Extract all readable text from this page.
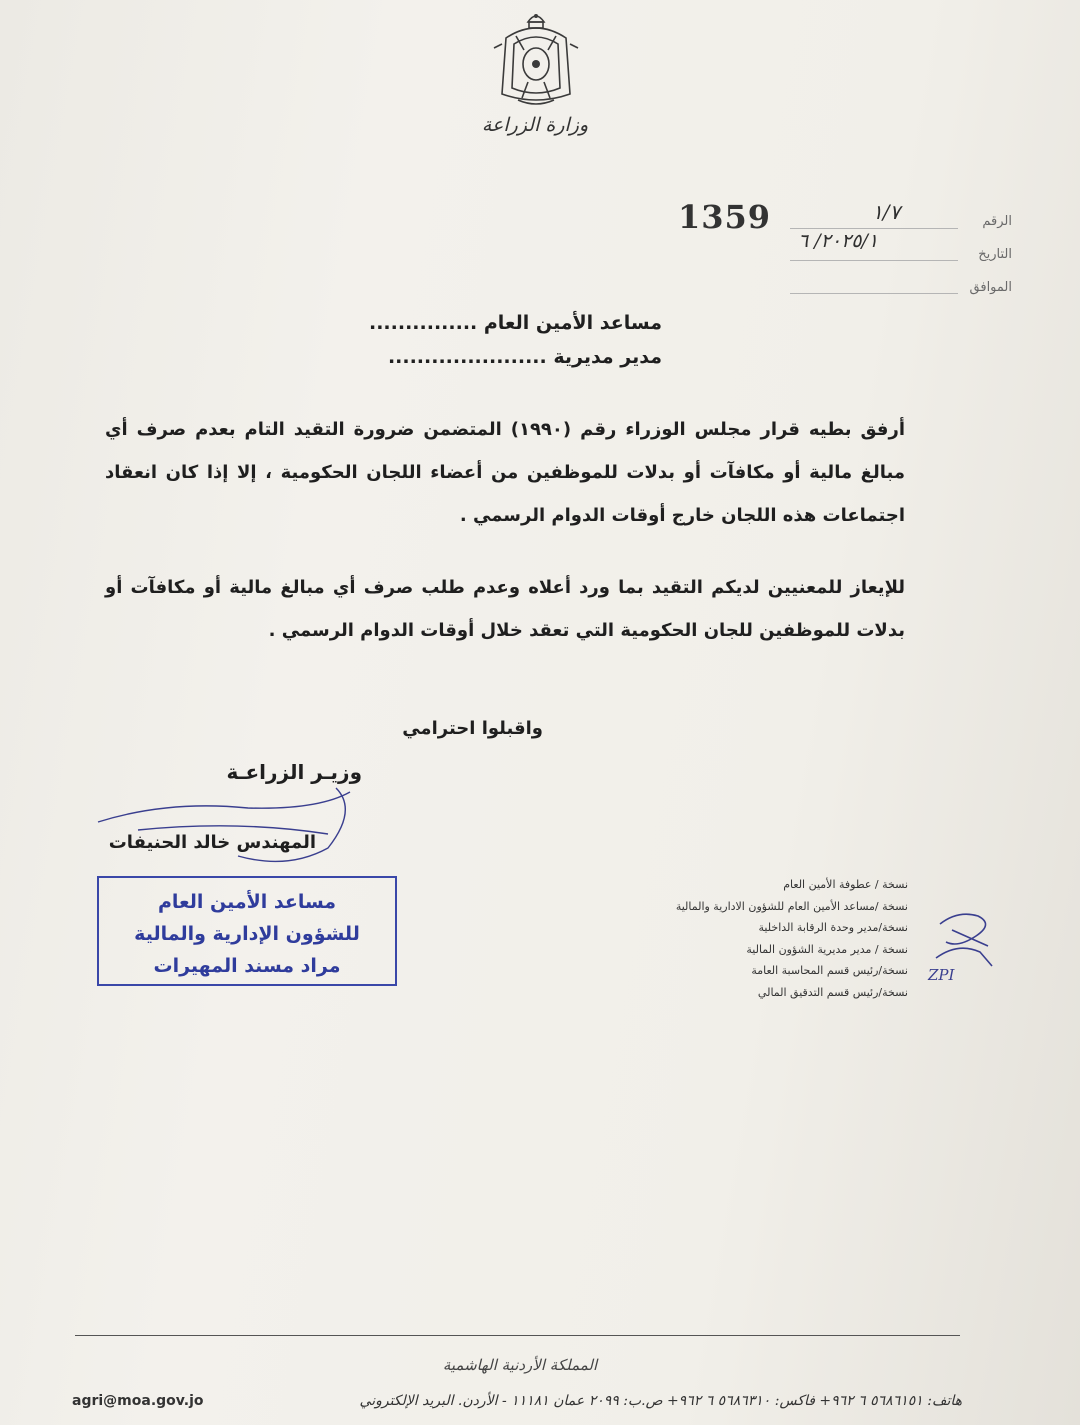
وزارة الزراعة
1359	١/٧	الرقم
٢٠٢٥/١/ ٦
التاريخ
الموافق
مساعد الأمين العام ...............
مدير مديرية ......................
أرفق بطيه قرار مجلس الوزراء رقم (١٩٩٠) المتضمن ضرورة التقيد التام بعدم صرف أي مبالغ مالية أو مكافآت أو بدلات للموظفين من أعضاء اللجان الحكومية ، إلا إذا كان انعقاد اجتماعات هذه اللجان خارج أوقات الدوام الرسمي .
للإيعاز للمعنيين لديكم التقيد بما ورد أعلاه وعدم طلب صرف أي مبالغ مالية أو مكافآت أو بدلات للموظفين للجان الحكومية التي تعقد خلال أوقات الدوام الرسمي .
واقبلوا احترامي
وزيـر الزراعـة
المهندس خالد الحنيفات
مساعد الأمين العام
للشؤون الإدارية والمالية
مراد مسند المهيرات
نسخة / عطوفة الأمين العام
نسخة /مساعد الأمين العام للشؤون الادارية والمالية
نسخة/مدير وحدة الرقابة الداخلية
نسخة / مدير مديرية الشؤون المالية
نسخة/رئيس قسم المحاسبة العامة
نسخة/رئيس قسم التدقيق المالي
ZPI
المملكة الأردنية الهاشمية
هاتف: ٥٦٨٦١٥١ ٦ ٩٦٢+ فاكس: ٥٦٨٦٣١٠ ٦ ٩٦٢+ ص.ب: ٢٠٩٩ عمان ١١١٨١ - الأردن. البريد الإلكتروني
agri@moa.gov.jo
